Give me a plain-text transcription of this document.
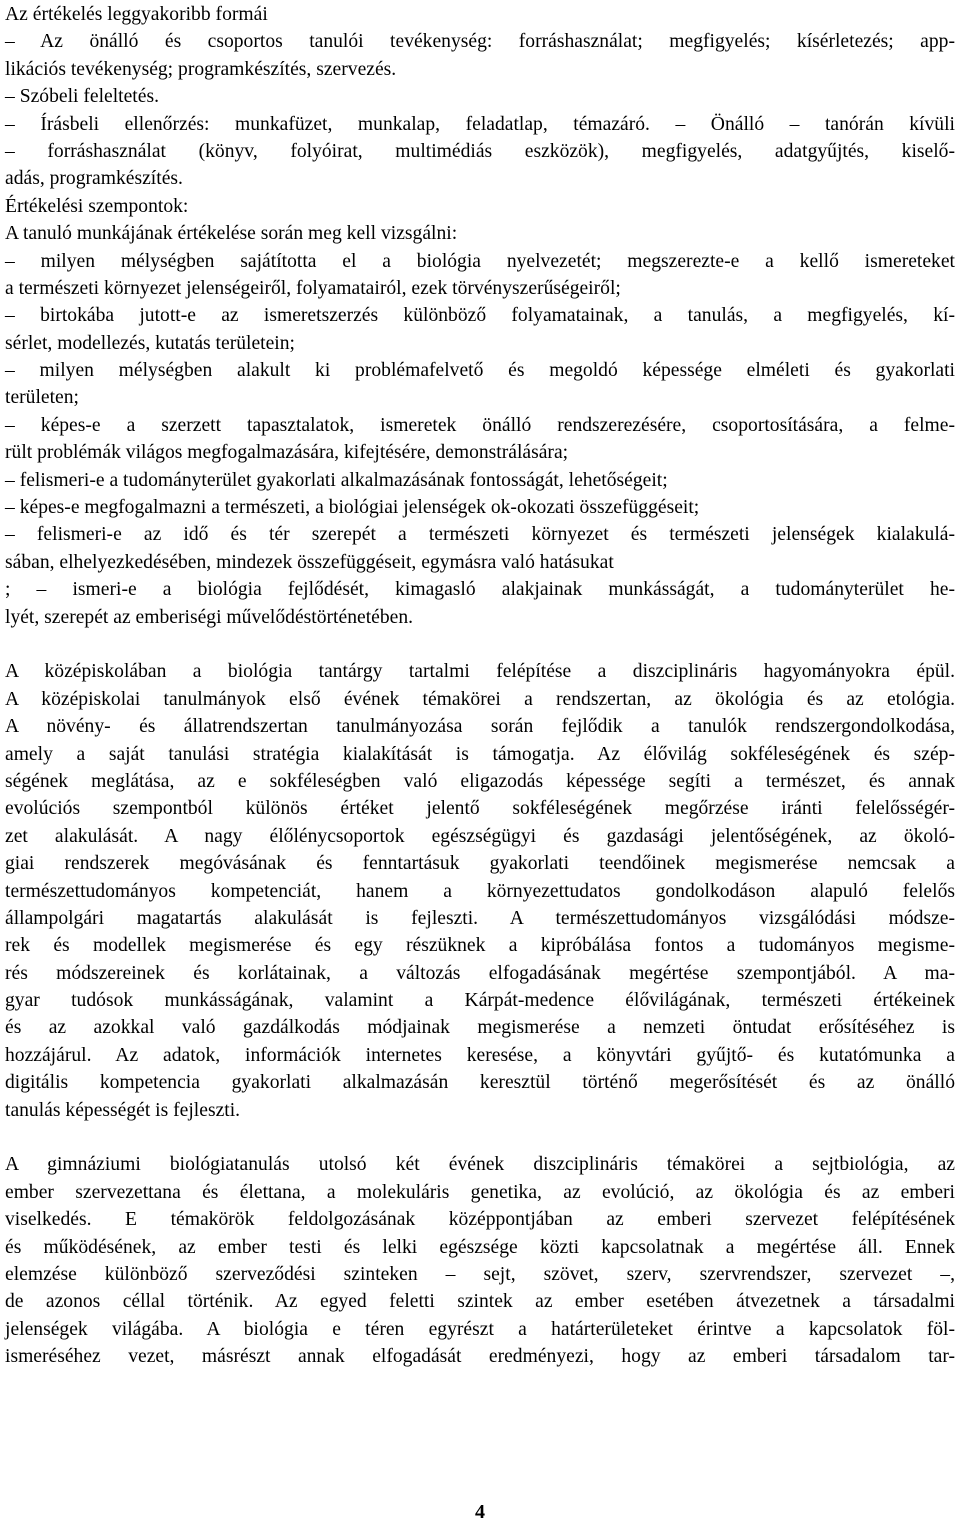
Az értékelés leggyakoribb formái
– Az önálló és csoportos tanulói tevékenység: forráshasználat; megfigyelés; kísérletezés; app-
likációs tevékenység; programkészítés, szervezés.
– Szóbeli feleltetés.
– Írásbeli ellenőrzés: munkafüzet, munkalap, feladatlap, témazáró. – Önálló – tanórán kívüli
– forráshasználat (könyv, folyóirat, multimédiás eszközök), megfigyelés, adatgyűjtés, kiselő-
adás, programkészítés.
Értékelési szempontok:
A tanuló munkájának értékelése során meg kell vizsgálni:
– milyen mélységben sajátította el a biológia nyelvezetét; megszerezte-e a kellő ismereteket
a természeti környezet jelenségeiről, folyamatairól, ezek törvényszerűségeiről;
– birtokába jutott-e az ismeretszerzés különböző folyamatainak, a tanulás, a megfigyelés, kí-
sérlet, modellezés, kutatás területein;
– milyen mélységben alakult ki problémafelvető és megoldó képessége elméleti és gyakorlati
területen;
– képes-e a szerzett tapasztalatok, ismeretek önálló rendszerezésére, csoportosítására, a felme-
rült problémák világos megfogalmazására, kifejtésére, demonstrálására;
– felismeri-e a tudományterület gyakorlati alkalmazásának fontosságát, lehetőségeit;
– képes-e megfogalmazni a természeti, a biológiai jelenségek ok-okozati összefüggéseit;
– felismeri-e az idő és tér szerepét a természeti környezet és természeti jelenségek kialakulá-
sában, elhelyezkedésében, mindezek összefüggéseit, egymásra való hatásukat
; – ismeri-e a biológia fejlődését, kimagasló alakjainak munkásságát, a tudományterület he-
lyét, szerepét az emberiségi művelődéstörténetében.
A középiskolában a biológia tantárgy tartalmi felépítése a diszciplináris hagyományokra épül.
A középiskolai tanulmányok első évének témakörei a rendszertan, az ökológia és az etológia.
A növény- és állatrendszertan tanulmányozása során fejlődik a tanulók rendszergondolkodása,
amely a saját tanulási stratégia kialakítását is támogatja. Az élővilág sokféleségének és szép-
ségének meglátása, az e sokféleségben való eligazodás képessége segíti a természet, és annak
evolúciós szempontból különös értéket jelentő sokféleségének megőrzése iránti felelősségér-
zet alakulását. A nagy élőlénycsoportok egészségügyi és gazdasági jelentőségének, az ökoló-
giai rendszerek megóvásának és fenntartásuk gyakorlati teendőinek megismerése nemcsak a
természettudományos kompetenciát, hanem a környezettudatos gondolkodáson alapuló felelős
állampolgári magatartás alakulását is fejleszti. A természettudományos vizsgálódási módsze-
rek és modellek megismerése és egy részüknek a kipróbálása fontos a tudományos megisme-
rés módszereinek és korlátainak, a változás elfogadásának megértése szempontjából. A ma-
gyar tudósok munkásságának, valamint a Kárpát-medence élővilágának, természeti értékeinek
és az azokkal való gazdálkodás módjainak megismerése a nemzeti öntudat erősítéséhez is
hozzájárul. Az adatok, információk internetes keresése, a könyvtári gyűjtő- és kutatómunka a
digitális kompetencia gyakorlati alkalmazásán keresztül történő megerősítését és az önálló
tanulás képességét is fejleszti.
A gimnáziumi biológiatanulás utolsó két évének diszciplináris témakörei a sejtbiológia, az
ember szervezettana és élettana, a molekuláris genetika, az evolúció, az ökológia és az emberi
viselkedés. E témakörök feldolgozásának középpontjában az emberi szervezet felépítésének
és működésének, az ember testi és lelki egészsége közti kapcsolatnak a megértése áll. Ennek
elemzése különböző szerveződési szinteken – sejt, szövet, szerv, szervrendszer, szervezet –,
de azonos céllal történik. Az egyed feletti szintek az ember esetében átvezetnek a társadalmi
jelenségek világába. A biológia e téren egyrészt a határterületeket érintve a kapcsolatok föl-
ismeréséhez vezet, másrészt annak elfogadását eredményezi, hogy az emberi társadalom tar-
4
